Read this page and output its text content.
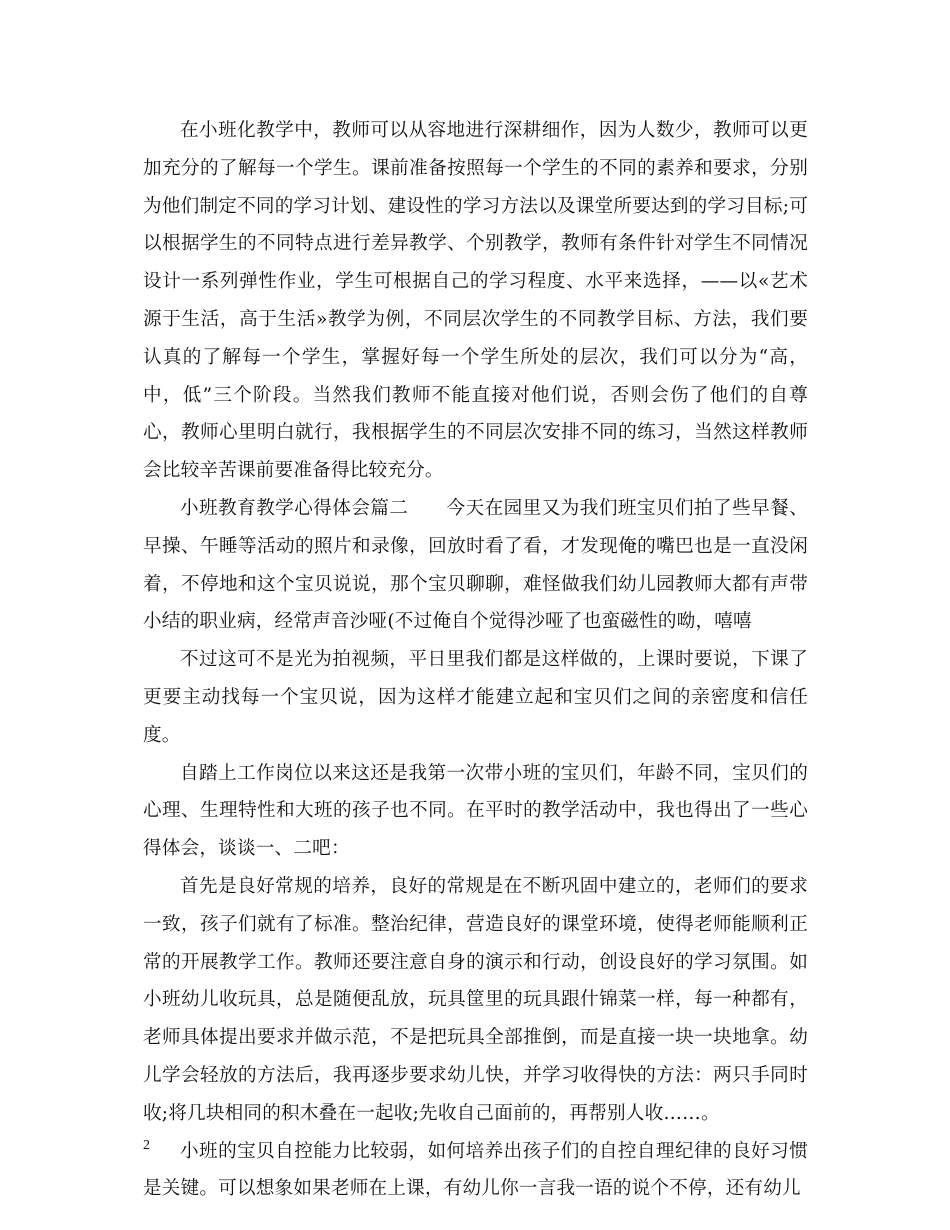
在小班化教学中，教师可以从容地进行深耕细作，因为人数少，教师可以更加充分的了解每一个学生。课前准备按照每一个学生的不同的素养和要求，分别为他们制定不同的学习计划、建设性的学习方法以及课堂所要达到的学习目标;可以根据学生的不同特点进行差异教学、个别教学，教师有条件针对学生不同情况设计一系列弹性作业，学生可根据自己的学习程度、水平来选择，——以«艺术源于生活，高于生活»教学为例，不同层次学生的不同教学目标、方法，我们要认真的了解每一个学生，掌握好每一个学生所处的层次，我们可以分为“高，中，低”三个阶段。当然我们教师不能直接对他们说，否则会伤了他们的自尊心，教师心里明白就行，我根据学生的不同层次安排不同的练习，当然这样教师会比较辛苦课前要准备得比较充分。

小班教育教学心得体会篇二　　今天在园里又为我们班宝贝们拍了些早餐、早操、午睡等活动的照片和录像，回放时看了看，才发现俺的嘴巴也是一直没闲着，不停地和这个宝贝说说，那个宝贝聊聊，难怪做我们幼儿园教师大都有声带小结的职业病，经常声音沙哑(不过俺自个觉得沙哑了也蛮磁性的呦，嘻嘻

不过这可不是光为拍视频，平日里我们都是这样做的，上课时要说，下课了更要主动找每一个宝贝说，因为这样才能建立起和宝贝们之间的亲密度和信任度。

自踏上工作岗位以来这还是我第一次带小班的宝贝们，年龄不同，宝贝们的心理、生理特性和大班的孩子也不同。在平时的教学活动中，我也得出了一些心得体会，谈谈一、二吧：

首先是良好常规的培养，良好的常规是在不断巩固中建立的，老师们的要求一致，孩子们就有了标准。整治纪律，营造良好的课堂环境，使得老师能顺利正常的开展教学工作。教师还要注意自身的演示和行动，创设良好的学习氛围。如小班幼儿收玩具，总是随便乱放，玩具筐里的玩具跟什锦菜一样，每一种都有，老师具体提出要求并做示范，不是把玩具全部推倒，而是直接一块一块地拿。幼儿学会轻放的方法后，我再逐步要求幼儿快，并学习收得快的方法：两只手同时收;将几块相同的积木叠在一起收;先收自己面前的，再帮别人收……。

小班的宝贝自控能力比较弱，如何培养出孩子们的自控自理纪律的良好习惯是关键。可以想象如果老师在上课，有幼儿你一言我一语的说个不停，还有幼儿

2
